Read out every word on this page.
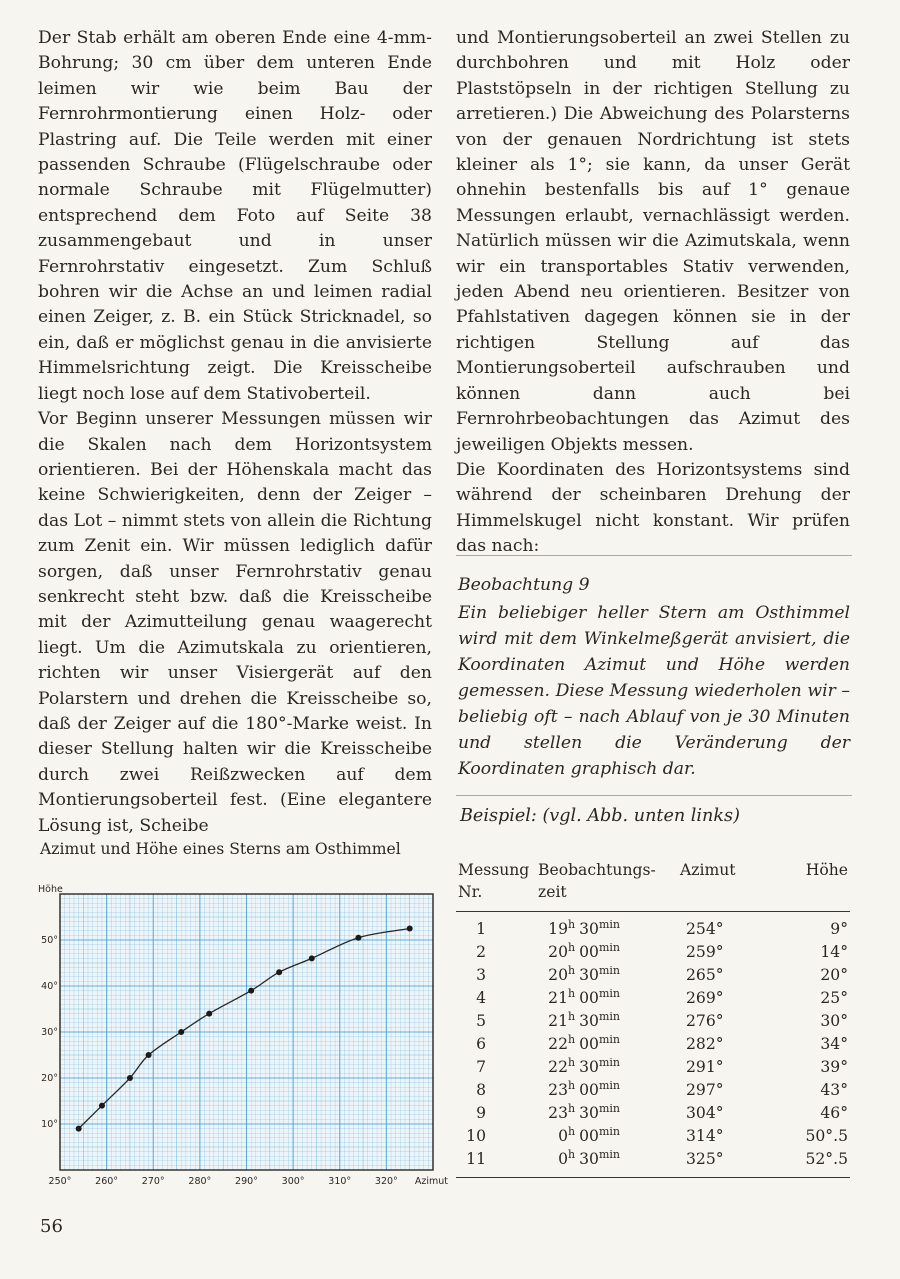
Der Stab erhält am oberen Ende eine 4-mm-Bohrung; 30 cm über dem unteren Ende leimen wir wie beim Bau der Fernrohrmontierung einen Holz- oder Plastring auf. Die Teile werden mit einer passenden Schraube (Flügelschraube oder normale Schraube mit Flügelmutter) entsprechend dem Foto auf Seite 38 zusammengebaut und in unser Fernrohrstativ eingesetzt. Zum Schluß bohren wir die Achse an und leimen radial einen Zeiger, z. B. ein Stück Stricknadel, so ein, daß er möglichst genau in die anvisierte Himmelsrichtung zeigt. Die Kreisscheibe liegt noch lose auf dem Stativoberteil.

Vor Beginn unserer Messungen müssen wir die Skalen nach dem Horizontsystem orientieren. Bei der Höhenskala macht das keine Schwierigkeiten, denn der Zeiger – das Lot – nimmt stets von allein die Richtung zum Zenit ein. Wir müssen lediglich dafür sorgen, daß unser Fernrohrstativ genau senkrecht steht bzw. daß die Kreisscheibe mit der Azimutteilung genau waagerecht liegt. Um die Azimutskala zu orientieren, richten wir unser Visiergerät auf den Polarstern und drehen die Kreisscheibe so, daß der Zeiger auf die 180°-Marke weist. In dieser Stellung halten wir die Kreisscheibe durch zwei Reißzwecken auf dem Montierungsoberteil fest. (Eine elegantere Lösung ist, Scheibe

und Montierungsoberteil an zwei Stellen zu durchbohren und mit Holz oder Plaststöpseln in der richtigen Stellung zu arretieren.) Die Abweichung des Polarsterns von der genauen Nordrichtung ist stets kleiner als 1°; sie kann, da unser Gerät ohnehin bestenfalls bis auf 1° genaue Messungen erlaubt, vernachlässigt werden. Natürlich müssen wir die Azimutskala, wenn wir ein transportables Stativ verwenden, jeden Abend neu orientieren. Besitzer von Pfahlstativen dagegen können sie in der richtigen Stellung auf das Montierungsoberteil aufschrauben und können dann auch bei Fernrohrbeobachtungen das Azimut des jeweiligen Objekts messen.

Die Koordinaten des Horizontsystems sind während der scheinbaren Drehung der Himmelskugel nicht konstant. Wir prüfen das nach:

Beobachtung 9

Ein beliebiger heller Stern am Osthimmel wird mit dem Winkelmeßgerät anvisiert, die Koordinaten Azimut und Höhe werden gemessen. Diese Messung wiederholen wir – beliebig oft – nach Ablauf von je 30 Minuten und stellen die Veränderung der Koordinaten graphisch dar.

Beispiel: (vgl. Abb. unten links)
Messung
Nr.	Beobachtungs-
zeit	Azimut	Höhe
1	19$^h$ $30^{min}$	254°	9°
2	20$^h$ $00^{min}$	259°	14°
3	20$^h$ $30^{min}$	265°	20°
4	21$^h$ $00^{min}$	269°	25°
5	21$^h$ $30^{min}$	276°	30°
6	22$^h$ $00^{min}$	282°	34°
7	22$^h$ $30^{min}$	291°	39°
8	23$^h$ $00^{min}$	297°	43°
9	23$^h$ $30^{min}$	304°	46°
10	0$^h$ $00^{min}$	314°	50°.5
11	0$^h$ $30^{min}$	325°	52°.5
Azimut und Höhe eines Sterns am Osthimmel
250° 260° 270° 280° 290° 300° 310° 320°
10°
20°
30°
40°
50°
Höhe
Azimut
56
